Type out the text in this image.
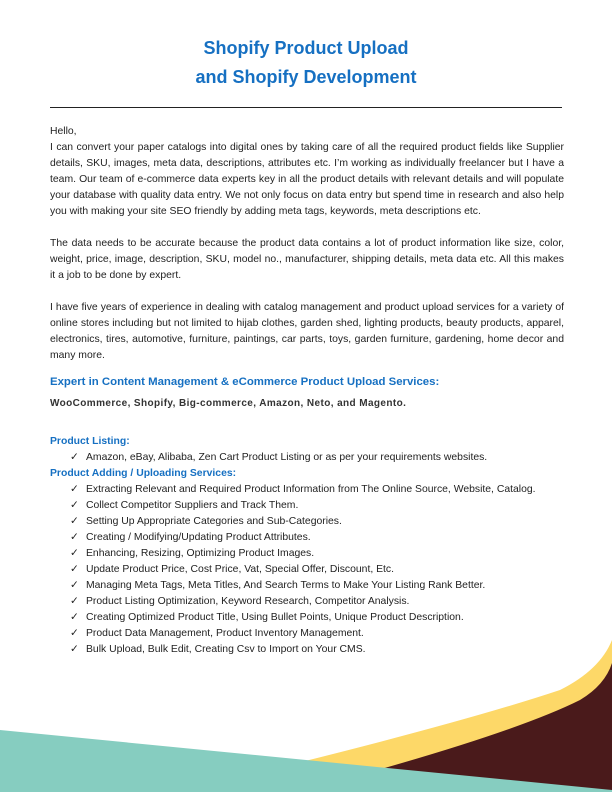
Shopify Product Upload
and Shopify Development
Hello,

I can convert your paper catalogs into digital ones by taking care of all the required product fields like Supplier details, SKU, images, meta data, descriptions, attributes etc. I’m working as individually freelancer but I have a team. Our team of e-commerce data experts key in all the product details with relevant details and will populate your database with quality data entry. We not only focus on data entry but spend time in research and also help you with making your site SEO friendly by adding meta tags, keywords, meta descriptions etc.

The data needs to be accurate because the product data contains a lot of product information like size, color, weight, price, image, description, SKU, model no., manufacturer, shipping details, meta data etc. All this makes it a job to be done by expert.

I have five years of experience in dealing with catalog management and product upload services for a variety of online stores including but not limited to hijab clothes, garden shed, lighting products, beauty products, apparel, electronics, tires, automotive, furniture, paintings, car parts, toys, garden furniture, gardening, home decor and many more.

Expert in Content Management & eCommerce Product Upload Services:
WooCommerce, Shopify, Big-commerce, Amazon, Neto, and Magento.
Product Listing:
✓ Amazon, eBay, Alibaba, Zen Cart Product Listing or as per your requirements websites.
Product Adding / Uploading Services:
✓ Extracting Relevant and Required Product Information from The Online Source, Website, Catalog.
✓ Collect Competitor Suppliers and Track Them.
✓ Setting Up Appropriate Categories and Sub-Categories.
✓ Creating / Modifying/Updating Product Attributes.
✓ Enhancing, Resizing, Optimizing Product Images.
✓ Update Product Price, Cost Price, Vat, Special Offer, Discount, Etc.
✓ Managing Meta Tags, Meta Titles, And Search Terms to Make Your Listing Rank Better.
✓ Product Listing Optimization, Keyword Research, Competitor Analysis.
✓ Creating Optimized Product Title, Using Bullet Points, Unique Product Description.
✓ Product Data Management, Product Inventory Management.
✓ Bulk Upload, Bulk Edit, Creating Csv to Import on Your CMS.
